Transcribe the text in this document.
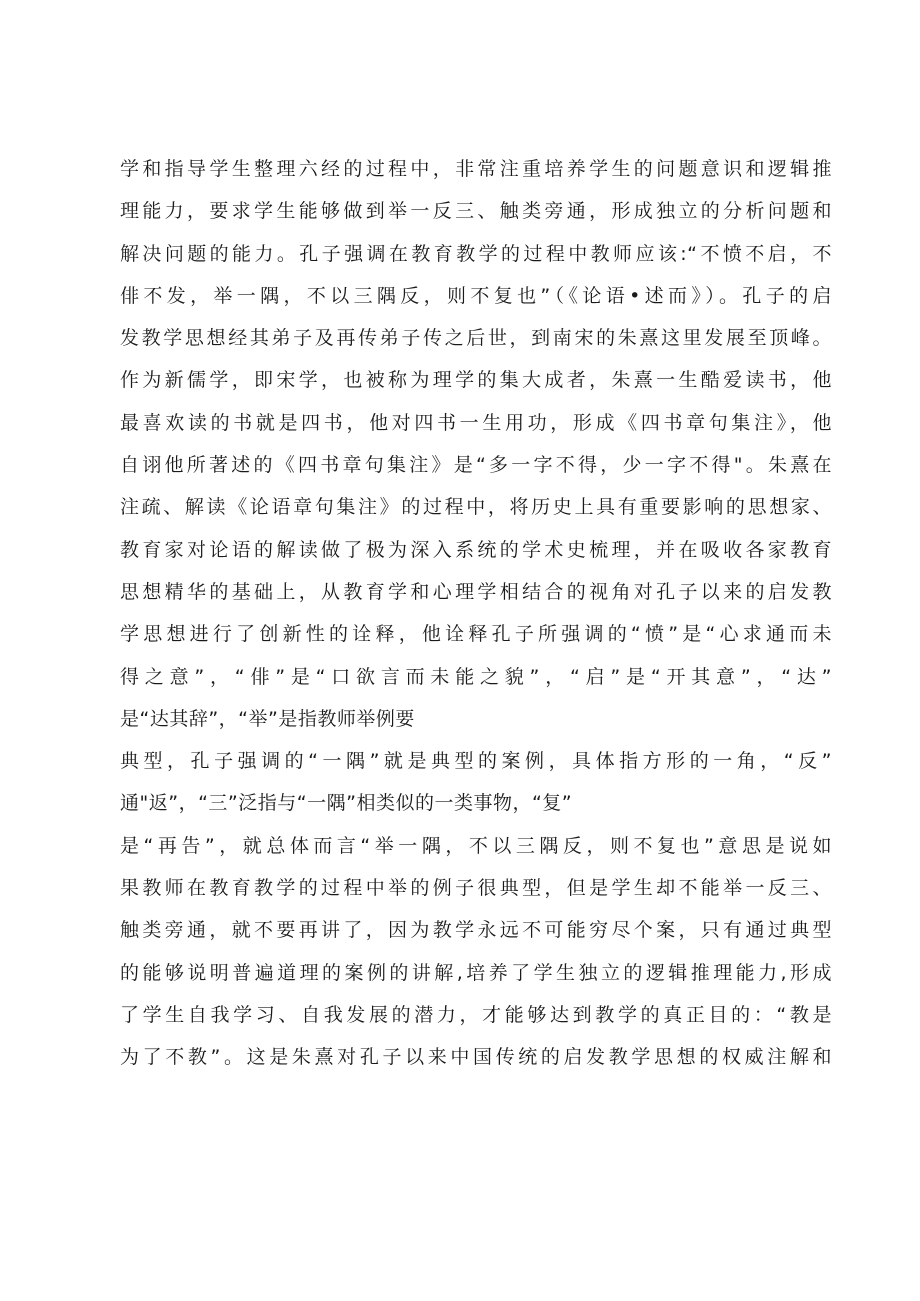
学和指导学生整理六经的过程中，非常注重培养学生的问题意识和逻辑推
理能力，要求学生能够做到举一反三、触类旁通，形成独立的分析问题和
解决问题的能力。孔子强调在教育教学的过程中教师应该:“不愤不启，不
俳不发，举一隅，不以三隅反，则不复也”（《论语•述而》）。孔子的启
发教学思想经其弟子及再传弟子传之后世，到南宋的朱熹这里发展至顶峰。
作为新儒学，即宋学，也被称为理学的集大成者，朱熹一生酷爱读书，他
最喜欢读的书就是四书，他对四书一生用功，形成《四书章句集注》，他
自诩他所著述的《四书章句集注》是“多一字不得，少一字不得"。朱熹在
注疏、解读《论语章句集注》的过程中，将历史上具有重要影响的思想家、
教育家对论语的解读做了极为深入系统的学术史梳理，并在吸收各家教育
思想精华的基础上，从教育学和心理学相结合的视角对孔子以来的启发教
学思想进行了创新性的诠释，他诠释孔子所强调的“愤”是“心求通而未
得之意”，“俳”是“口欲言而未能之貌”，“启”是“开其意”，“达”
是“达其辞”，“举”是指教师举例要
典型，孔子强调的“一隅”就是典型的案例，具体指方形的一角，“反”
通"返”，“三”泛指与“一隅”相类似的一类事物，“复”
是“再告”，就总体而言“举一隅，不以三隅反，则不复也”意思是说如
果教师在教育教学的过程中举的例子很典型，但是学生却不能举一反三、
触类旁通，就不要再讲了，因为教学永远不可能穷尽个案，只有通过典型
的能够说明普遍道理的案例的讲解,培养了学生独立的逻辑推理能力,形成
了学生自我学习、自我发展的潜力，才能够达到教学的真正目的：“教是
为了不教”。这是朱熹对孔子以来中国传统的启发教学思想的权威注解和
